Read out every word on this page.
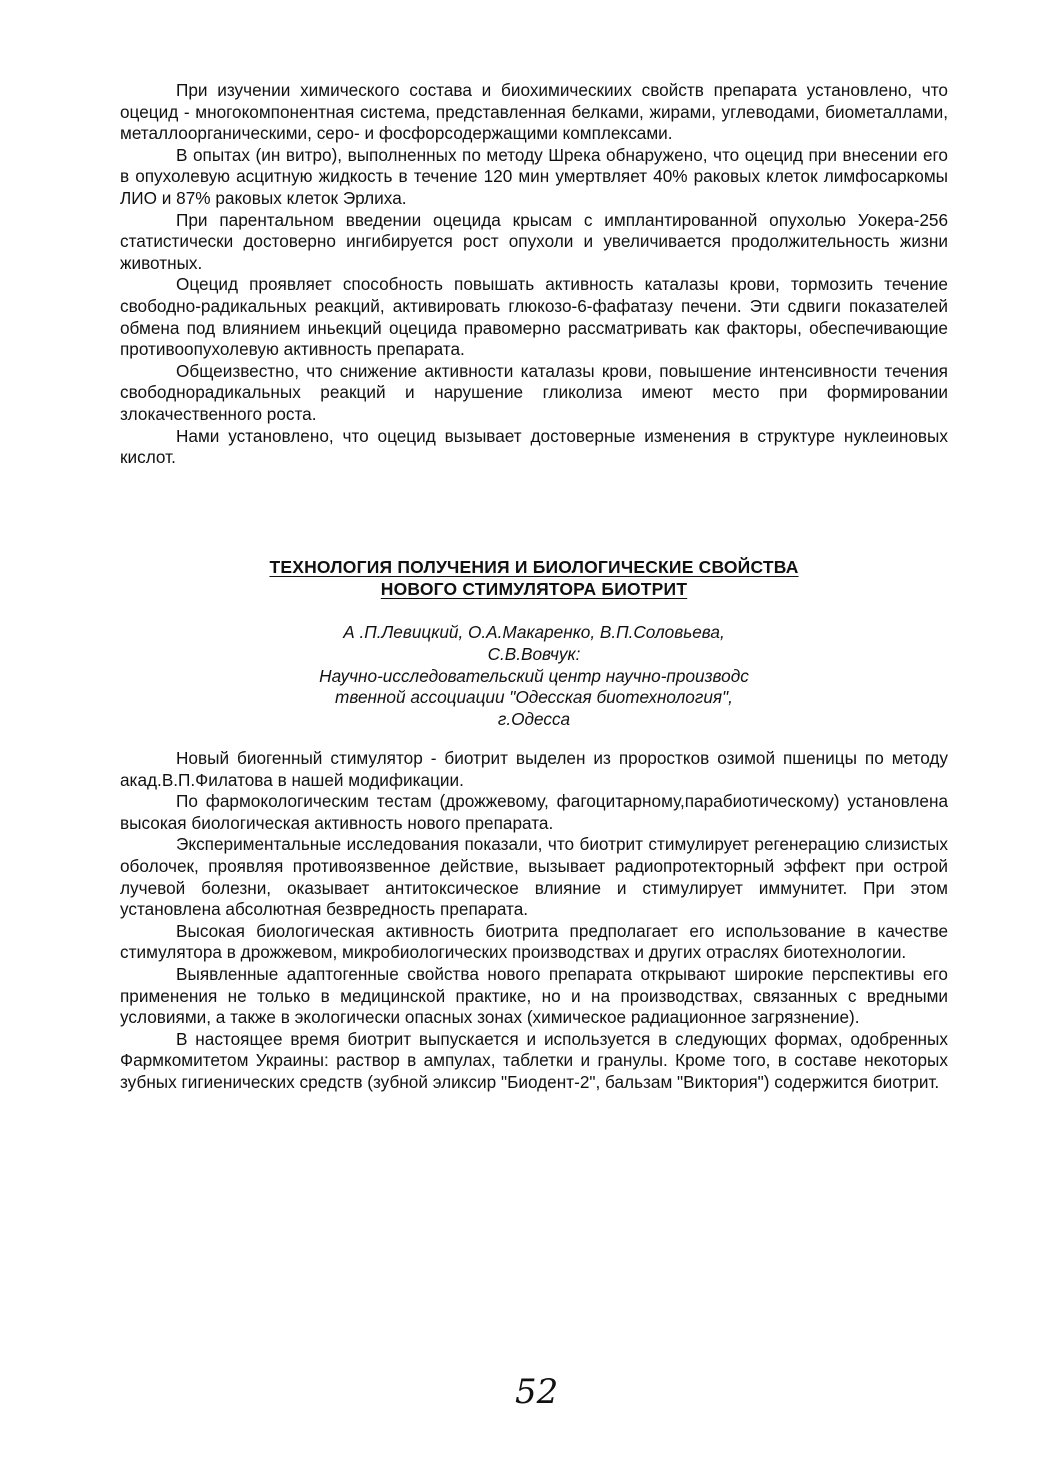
При изучении химического состава и биохимическиих свойств препарата установлено, что оцецид - многокомпонентная система, представленная белками, жирами, углеводами, биометаллами, металлоорганическими, серо- и фосфорсодержащими комплексами.

В опытах (ин витро), выполненных по методу Шрека обнаружено, что оцецид при внесении его в опухолевую асцитную жидкость в течение 120 мин умертвляет 40% раковых клеток лимфосаркомы ЛИО и 87% раковых клеток Эрлиха.

При парентальном введении оцецида крысам с имплантированной опухолью Уокера-256 статистически достоверно ингибируется рост опухоли и увеличивается продолжительность жизни животных.

Оцецид проявляет способность повышать активность каталазы крови, тормозить течение свободно-радикальных реакций, активировать глюкозо-6-фафатазу печени. Эти сдвиги показателей обмена под влиянием иньекций оцецида правомерно рассматривать как факторы, обеспечивающие противоопухолевую активность препарата.

Общеизвестно, что снижение активности каталазы крови, повышение интенсивности течения свободнорадикальных реакций и нарушение гликолиза имеют место при формировании злокачественного роста.

Нами установлено, что оцецид вызывает достоверные изменения в структуре нуклеиновых кислот.

ТЕХНОЛОГИЯ ПОЛУЧЕНИЯ И БИОЛОГИЧЕСКИЕ СВОЙСТВА
НОВОГО СТИМУЛЯТОРА БИОТРИТ
А .П.Левицкий, О.А.Макаренко, В.П.Соловьева,
С.В.Вовчук:
Научно-исследовательский центр научно-производс
твенной ассоциации "Одесская биотехнология",
г.Одесса

Новый биогенный стимулятор - биотрит выделен из проростков озимой пшеницы по методу акад.В.П.Филатова в нашей модификации.

По фармокологическим тестам (дрожжевому, фагоцитарному,парабиотическому) установлена высокая биологическая активность нового препарата.

Экспериментальные исследования показали, что биотрит стимулирует регенерацию слизистых оболочек, проявляя противоязвенное действие, вызывает радиопротекторный эффект при острой лучевой болезни, оказывает антитоксическое влияние и стимулирует иммунитет. При этом установлена абсолютная безвредность препарата.

Высокая биологическая активность биотрита предполагает его использование в качестве стимулятора в дрожжевом, микробиологических производствах и других отраслях биотехнологии.

Выявленные адаптогенные свойства нового препарата открывают широкие перспективы его применения не только в медицинской практике, но и на производствах, связанных с вредными условиями, а также в экологически опасных зонах (химическое радиационное загрязнение).

В настоящее время биотрит выпускается и используется в следующих формах, одобренных Фармкомитетом Украины: раствор в ампулах, таблетки и гранулы. Кроме того, в составе некоторых зубных гигиенических средств (зубной эликсир "Биодент-2", бальзам "Виктория") содержится биотрит.

52
